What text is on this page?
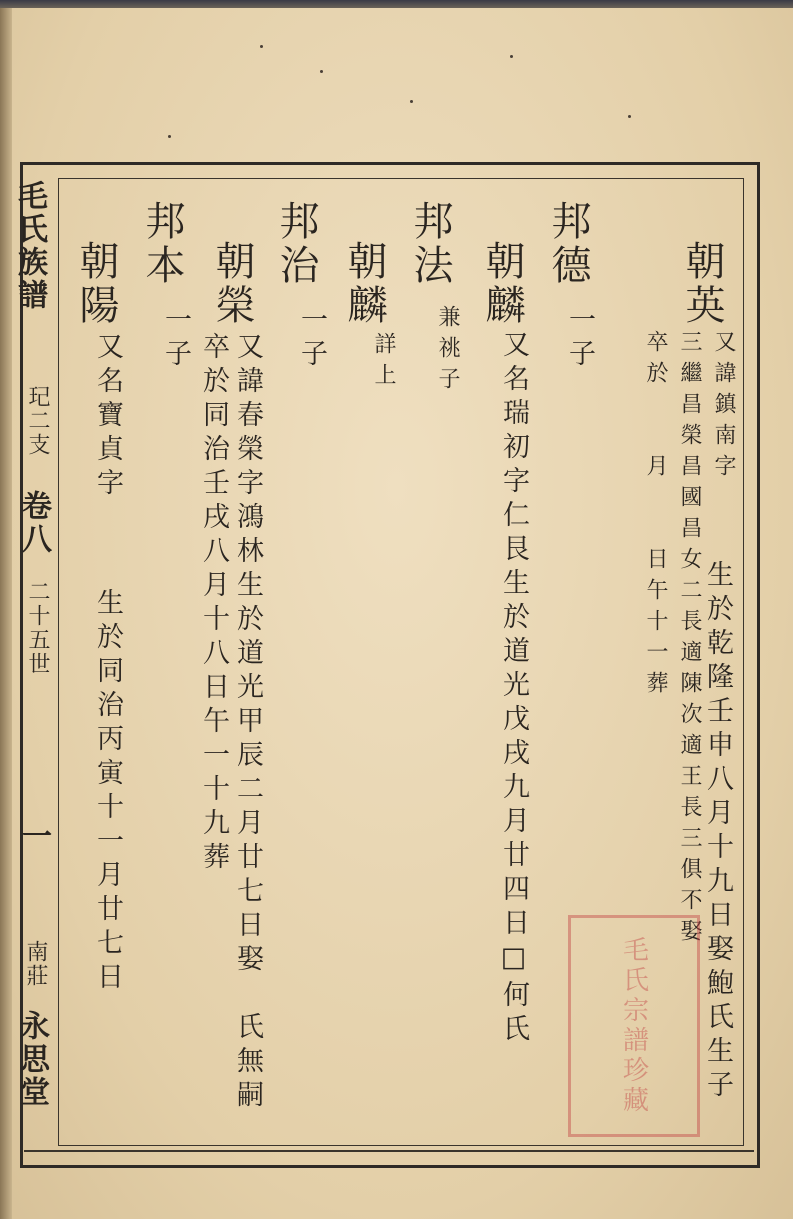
毛氏族譜
玘二支
卷八
二十五世
一
南莊
永思堂
朝英
又諱鎮南字
三繼昌榮昌國昌女二長適陳次適王長三俱不娶 生於乾隆壬申八月十九日娶鮑氏生子
卒於　　月　　日午十一葬
邦德
一子
朝麟
又名瑞初字仁艮生於道光戊戌九月廿四日□何氏
邦法
兼祧子
朝麟
詳上
邦治
一子
朝榮
又諱春榮字鴻林生於道光甲辰二月廿七日娶　氏無嗣
卒於同治壬戌八月十八日午一十九葬
邦本
一子
朝陽
又名寶貞字
生於同治丙寅十一月廿七日
毛氏宗譜珍藏
